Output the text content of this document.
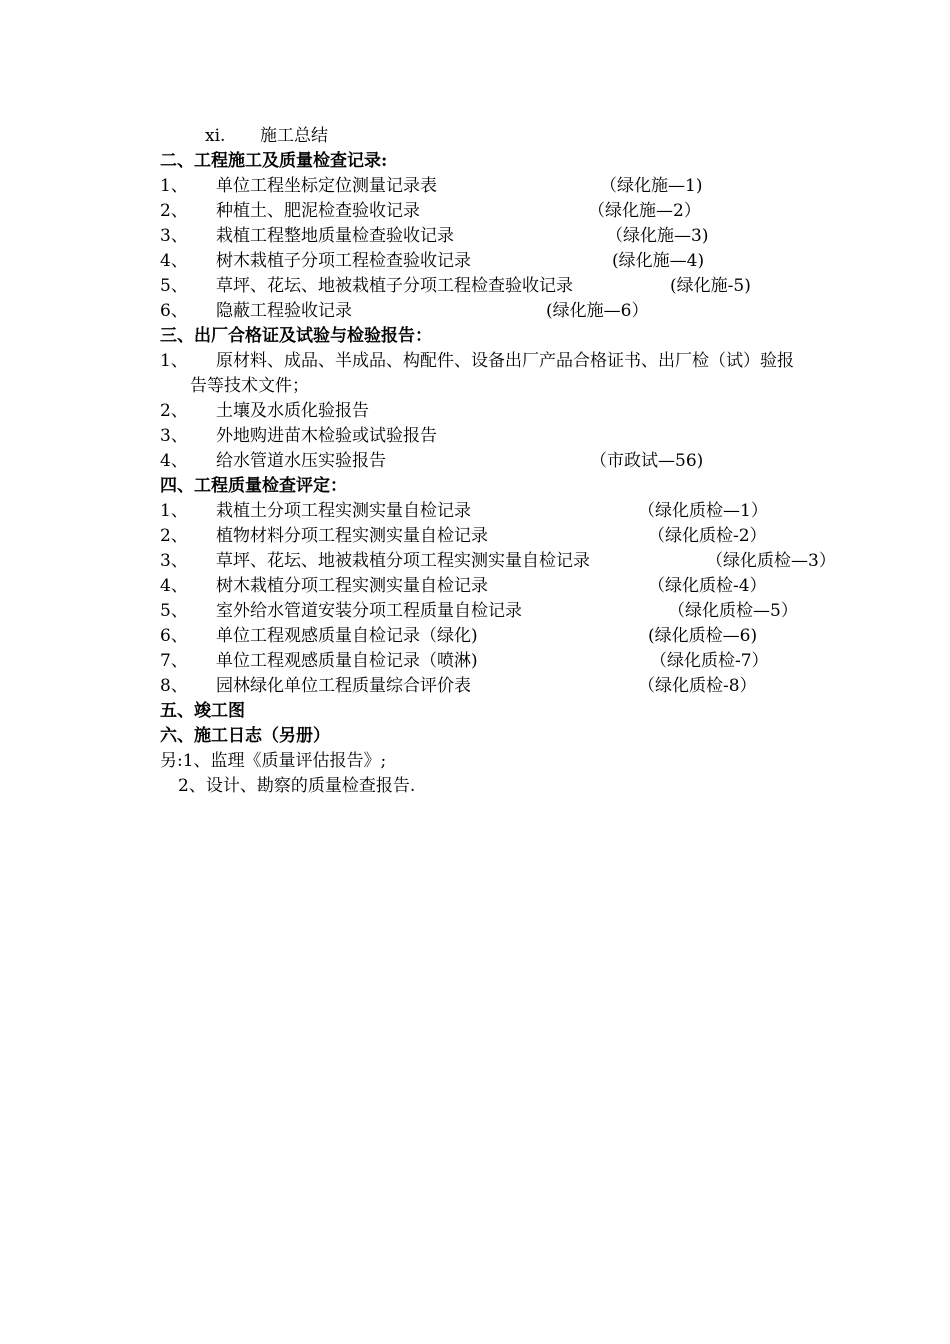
xi. 施工总结
二、工程施工及质量检查记录:
1、 单位工程坐标定位测量记录表	（绿化施—1)
2、 种植土、肥泥检查验收记录	（绿化施—2）
3、 栽植工程整地质量检查验收记录	（绿化施—3)
4、 树木栽植子分项工程检查验收记录	(绿化施—4)
5、 草坪、花坛、地被栽植子分项工程检查验收记录	(绿化施-5)
6、 隐蔽工程验收记录	(绿化施—6）
三、出厂合格证及试验与检验报告：
1、 原材料、成品、半成品、构配件、设备出厂产品合格证书、出厂检（试）验报
告等技术文件；
2、 土壤及水质化验报告
3、 外地购进苗木检验或试验报告
4、 给水管道水压实验报告	（市政试—56)
四、工程质量检查评定：
1、 栽植土分项工程实测实量自检记录	（绿化质检—1）
2、 植物材料分项工程实测实量自检记录	（绿化质检-2）
3、 草坪、花坛、地被栽植分项工程实测实量自检记录	（绿化质检—3）
4、 树木栽植分项工程实测实量自检记录	（绿化质检-4）
5、 室外给水管道安装分项工程质量自检记录	（绿化质检—5）
6、 单位工程观感质量自检记录（绿化)	(绿化质检—6)
7、 单位工程观感质量自检记录（喷淋)	（绿化质检-7）
8、 园林绿化单位工程质量综合评价表	（绿化质检-8）
五、竣工图
六、施工日志（另册）
另:1、监理《质量评估报告》;
2、设计、勘察的质量检查报告.
